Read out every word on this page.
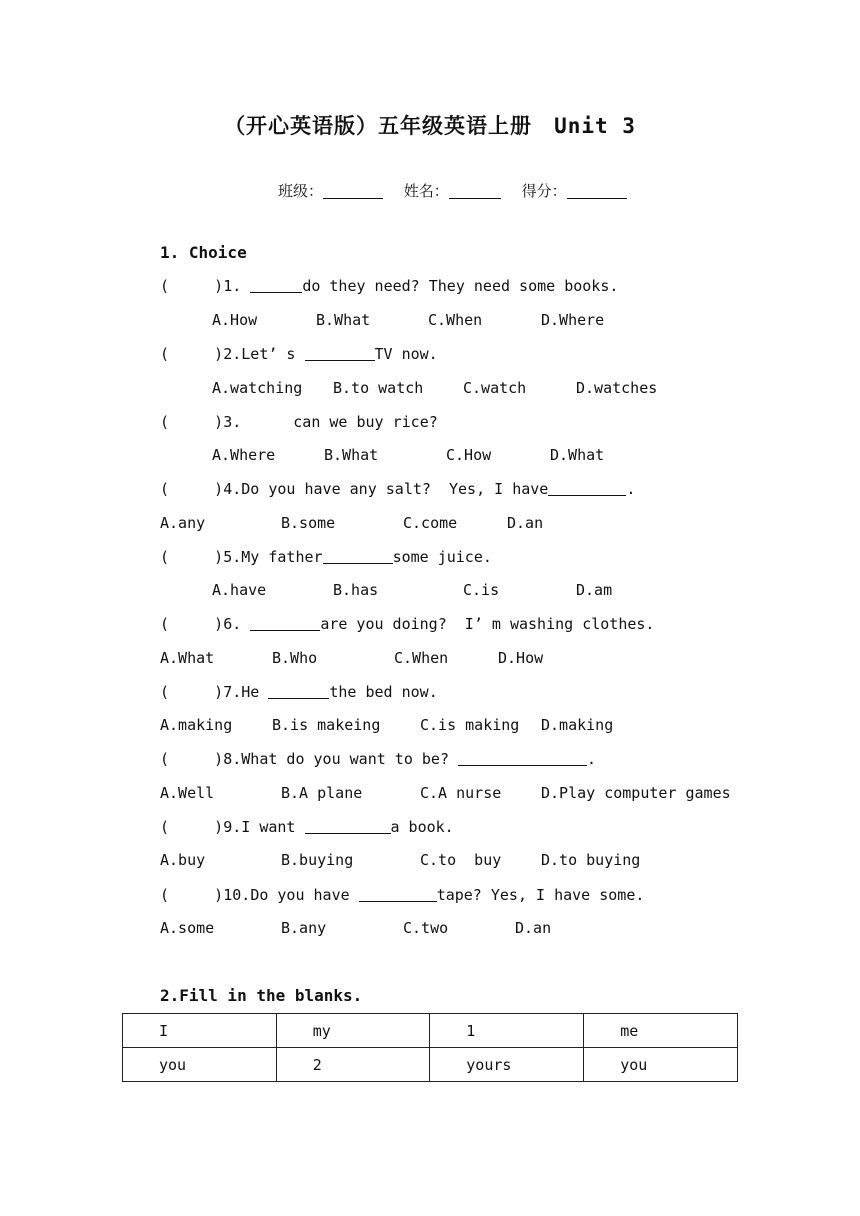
（开心英语版）五年级英语上册 Unit 3
班级：	姓名：	得分：
1. Choice
(     )1.	do they need? They need some books.
A.How	B.What	C.When	D.Where
(     )2.Let’ s	TV now.
A.watching B.to watch	C.watch	D.watches
(     )3.	can we buy rice?
A.Where	B.What	C.How	D.What
(     )4.Do you have any salt?  Yes, I have	.
A.any	B.some	C.come	D.an
(     )5.My father	some juice.
A.have	B.has	C.is	D.am
(     )6.	are you doing?  I’ m washing clothes.
A.What	B.Who	C.When	D.How
(     )7.He	the bed now.
A.making	B.is makeing	C.is making D.making
(     )8.What do you want to be?	.
A.Well	B.A plane	C.A nurse	D.Play computer games
(     )9.I want	a book.
A.buy	B.buying	C.to  buy	D.to buying
(     )10.Do you have	tape? Yes, I have some.
A.some	B.any	C.two	D.an
2.Fill in the blanks.
I	my	1	me
you	2	yours	you
